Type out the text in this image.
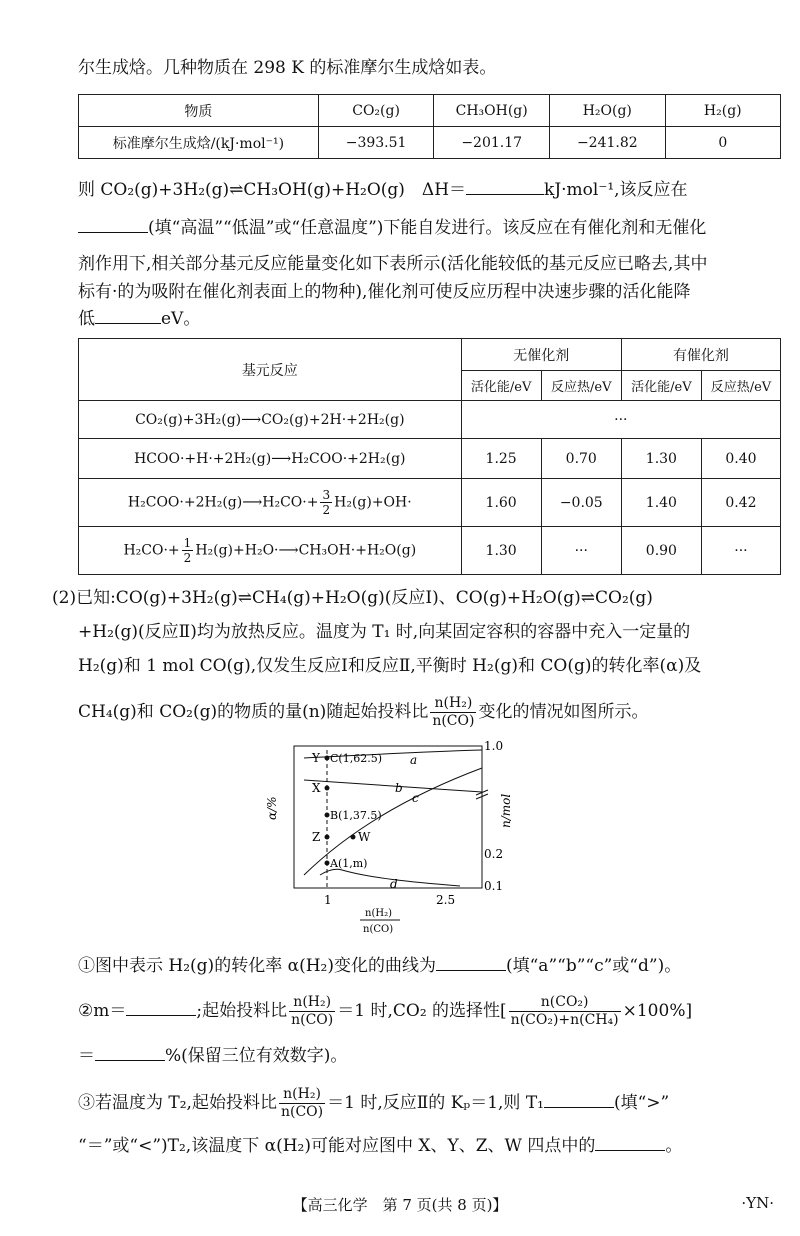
尔生成焓。几种物质在 298 K 的标准摩尔生成焓如表。
物质	CO₂(g)	CH₃OH(g)	H₂O(g)	H₂(g)
标准摩尔生成焓/(kJ·mol⁻¹)	−393.51	−201.17	−241.82	0
则 CO₂(g)+3H₂(g)⇌CH₃OH(g)+H₂O(g)　ΔH＝	kJ·mol⁻¹,该反应在
(填“高温”“低温”或“任意温度”)下能自发进行。该反应在有催化剂和无催化
剂作用下,相关部分基元反应能量变化如下表所示(活化能较低的基元反应已略去,其中
标有·的为吸附在催化剂表面上的物种),催化剂可使反应历程中决速步骤的活化能降
低	eV。
基元反应	无催化剂		有催化剂	
	活化能/eV	反应热/eV	活化能/eV	反应热/eV
CO₂(g)+3H₂(g)⟶CO₂(g)+2H·+2H₂(g)	···			
HCOO·+H·+2H₂(g)⟶H₂COO·+2H₂(g)	1.25	0.70	1.30	0.40
H₂COO·+2H₂(g)⟶H₂CO·+ $\frac{3}{2} H_2(g)+OH\cdot$	1.60	−0.05	1.40	0.42
$H_2CO\cdot+ \frac{1}{2}$ H₂(g)+H₂O·⟶CH₃OH·+H₂O(g)	1.30	···	0.90	···
(2)已知:CO(g)+3H₂(g)⇌CH₄(g)+H₂O(g)(反应Ⅰ)、CO(g)+H₂O(g)⇌CO₂(g)
+H₂(g)(反应Ⅱ)均为放热反应。温度为 T₁ 时,向某固定容积的容器中充入一定量的
H₂(g)和 1 mol CO(g),仅发生反应Ⅰ和反应Ⅱ,平衡时 H₂(g)和 CO(g)的转化率(α)及
CH₄(g)和 CO₂(g)的物质的量(n)随起始投料比 $\frac{\text{n(H₂)}}{n(CO)}$ 变化的情况如图所示。
Y C(1,62.5)
X
B(1,37.5)
Z	W
A(1,m)
a
b
c
d
α/%	n/mol
1.0
0.2
0.1
1	2.5
n(H₂)
n(CO)
①图中表示 H₂(g)的转化率 α(H₂)变化的曲线为	(填“a”“b”“c”或“d”)。
②m＝	;起始投料比 $\frac{\text{n(H₂)}}{n(CO)} =1$ 时,CO₂ 的选择性[ $\frac{\text{n(CO₂)}}{\text{n(CO₂)+n(CH₄)}} \times 100\%$]
＝	%(保留三位有效数字)。
③若温度为 T₂,起始投料比 $\frac{\text{n(H₂)}}{n(CO)} =1$ 时,反应Ⅱ的 Kₚ＝1,则 T₁	(填“>”
“＝”或“<”)T₂,该温度下 α(H₂)可能对应图中 X、Y、Z、W 四点中的	。
【高三化学　第 7 页(共 8 页)】	·YN·
